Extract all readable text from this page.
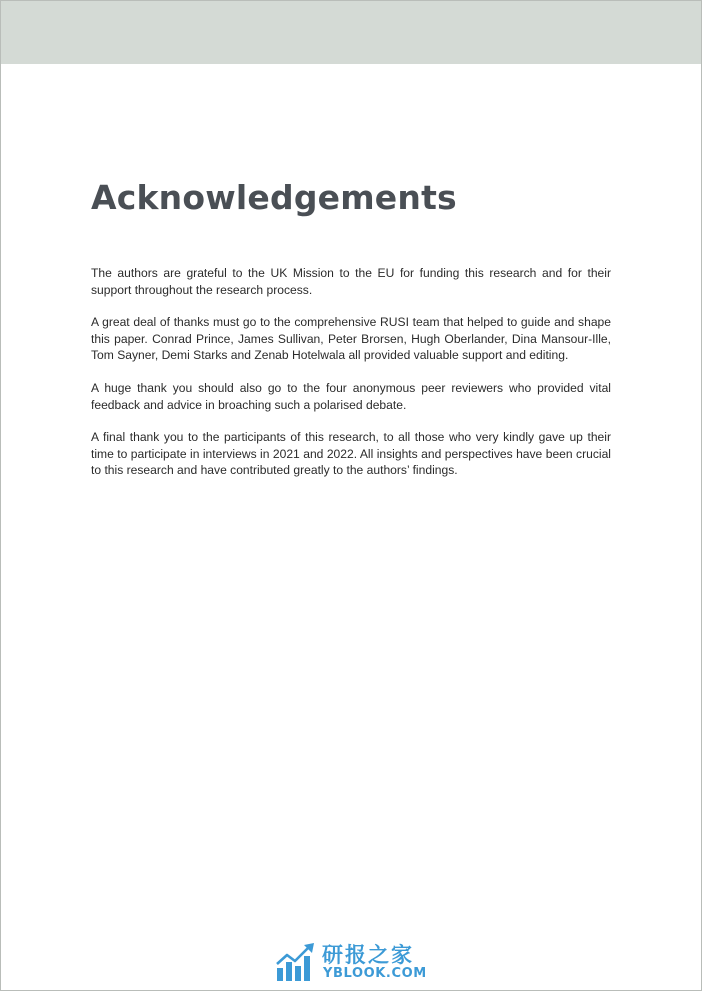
Acknowledgements

The authors are grateful to the UK Mission to the EU for funding this research and for their support throughout the research process.

A great deal of thanks must go to the comprehensive RUSI team that helped to guide and shape this paper. Conrad Prince, James Sullivan, Peter Brorsen, Hugh Oberlander, Dina Mansour-Ille, Tom Sayner, Demi Starks and Zenab Hotelwala all provided valuable support and editing.

A huge thank you should also go to the four anonymous peer reviewers who provided vital feedback and advice in broaching such a polarised debate.

A final thank you to the participants of this research, to all those who very kindly gave up their time to participate in interviews in 2021 and 2022. All insights and perspectives have been crucial to this research and have contributed greatly to the authors’ findings.

研报之家
YBLOOK.COM
